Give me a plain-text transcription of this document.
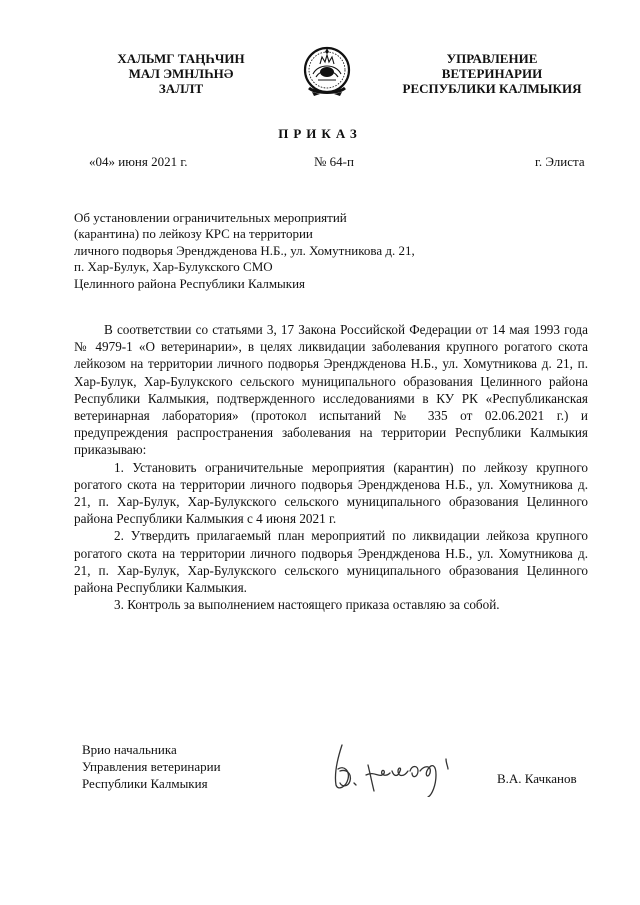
ХАЛЬМГ ТАҢҺЧИН
МАЛ ЭМНЛҺНӘ
ЗАЛЛТ
УПРАВЛЕНИЕ
ВЕТЕРИНАРИИ
РЕСПУБЛИКИ КАЛМЫКИЯ
ПРИКАЗ
«04» июня 2021 г.	№ 64-п	г. Элиста
Об установлении ограничительных мероприятий
(карантина) по лейкозу КРС на территории
личного подворья Эренджденова Н.Б., ул. Хомутникова д. 21,
п. Хар-Булук, Хар-Булукского СМО
Целинного района Республики Калмыкия

В соответствии со статьями 3, 17 Закона Российской Федерации от 14 мая 1993 года № 4979-1 «О ветеринарии», в целях ликвидации заболевания крупного рогатого скота лейкозом на территории личного подворья Эренджденова Н.Б., ул. Хомутникова д. 21, п. Хар-Булук, Хар-Булукского сельского муниципального образования Целинного района Республики Калмыкия, подтвержденного исследованиями в КУ РК «Республиканская ветеринарная лаборатория» (протокол испытаний № 335 от 02.06.2021 г.) и предупреждения распространения заболевания на территории Республики Калмыкия приказываю:

1. Установить ограничительные мероприятия (карантин) по лейкозу крупного рогатого скота на территории личного подворья Эренджденова Н.Б., ул. Хомутникова д. 21, п. Хар-Булук, Хар-Булукского сельского муниципального образования Целинного района Республики Калмыкия с 4 июня 2021 г.

2. Утвердить прилагаемый план мероприятий по ликвидации лейкоза крупного рогатого скота на территории личного подворья Эренджденова Н.Б., ул. Хомутникова д. 21, п. Хар-Булук, Хар-Булукского сельского муниципального образования Целинного района Республики Калмыкия.

3. Контроль за выполнением настоящего приказа оставляю за собой.

Врио начальника
Управления ветеринарии
Республики Калмыкия	В.А. Качканов
